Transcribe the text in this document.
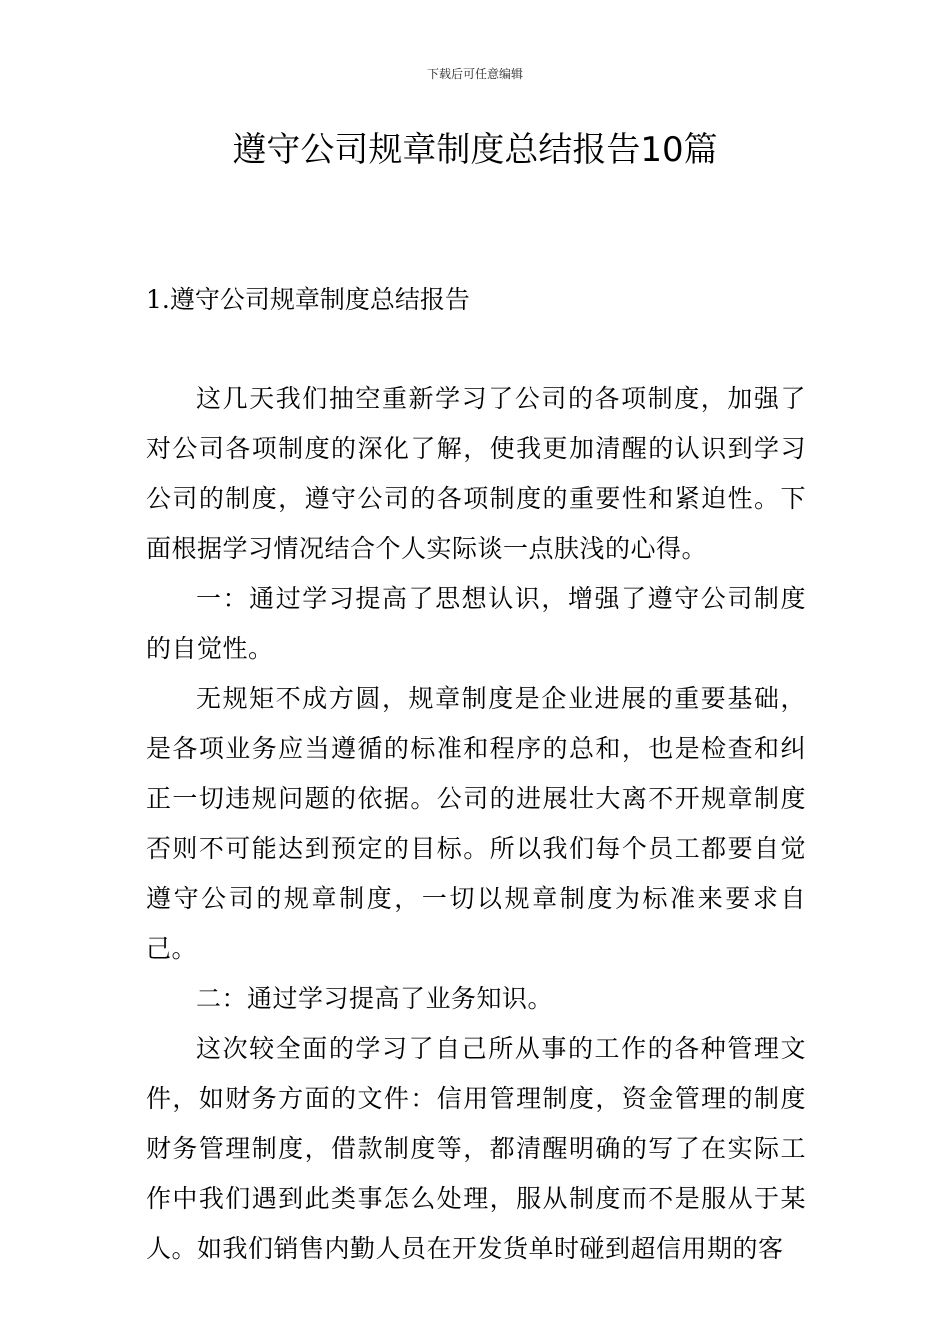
下载后可任意编辑
遵守公司规章制度总结报告10篇
1.遵守公司规章制度总结报告

这几天我们抽空重新学习了公司的各项制度，加强了对公司各项制度的深化了解，使我更加清醒的认识到学习公司的制度，遵守公司的各项制度的重要性和紧迫性。下面根据学习情况结合个人实际谈一点肤浅的心得。

一：通过学习提高了思想认识，增强了遵守公司制度的自觉性。

无规矩不成方圆，规章制度是企业进展的重要基础，是各项业务应当遵循的标准和程序的总和，也是检查和纠正一切违规问题的依据。公司的进展壮大离不开规章制度否则不可能达到预定的目标。所以我们每个员工都要自觉遵守公司的规章制度，一切以规章制度为标准来要求自己。

二：通过学习提高了业务知识。

这次较全面的学习了自己所从事的工作的各种管理文件，如财务方面的文件：信用管理制度，资金管理的制度财务管理制度，借款制度等，都清醒明确的写了在实际工作中我们遇到此类事怎么处理，服从制度而不是服从于某人。如我们销售内勤人员在开发货单时碰到超信用期的客
